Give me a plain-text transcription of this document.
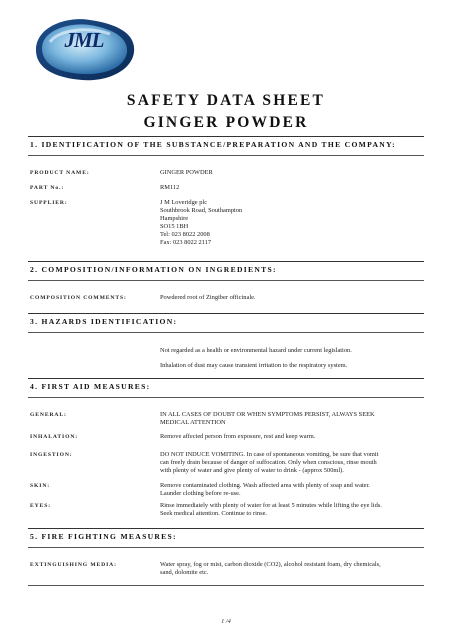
JML
SAFETY DATA SHEET
GINGER POWDER
1. IDENTIFICATION OF THE SUBSTANCE/PREPARATION AND THE COMPANY:
PRODUCT NAME:	GINGER POWDER
PART No.:	RM112
SUPPLIER:	J M Loveridge plc
Southbrook Road, Southampton
Hampshire
SO15 1BH
Tel: 023 8022 2008
Fax: 023 8022 2117
2. COMPOSITION/INFORMATION ON INGREDIENTS:
COMPOSITION COMMENTS:	Powdered root of Zingiber officinale.
3. HAZARDS IDENTIFICATION:
Not regarded as a health or environmental hazard under current legislation.
Inhalation of dust may cause transient irritation to the respiratory system.
4. FIRST AID MEASURES:
GENERAL:	IN ALL CASES OF DOUBT OR WHEN SYMPTOMS PERSIST, ALWAYS SEEK
MEDICAL ATTENTION
INHALATION:	Remove affected person from exposure, rest and keep warm.
INGESTION:	DO NOT INDUCE VOMITING. In case of spontaneous vomiting, be sure that vomit
can freely drain because of danger of suffocation. Only when conscious, rinse mouth
with plenty of water and give plenty of water to drink - (approx 500ml).
SKIN:	Remove contaminated clothing. Wash affected area with plenty of soap and water.
Launder clothing before re-use.
EYES:	Rinse immediately with plenty of water for at least 5 minutes while lifting the eye lids.
Seek medical attention. Continue to rinse.
5. FIRE FIGHTING MEASURES:
EXTINGUISHING MEDIA:	Water spray, fog or mist, carbon dioxide (CO2), alcohol resistant foam, dry chemicals,
sand, dolomite etc.
1 /4
